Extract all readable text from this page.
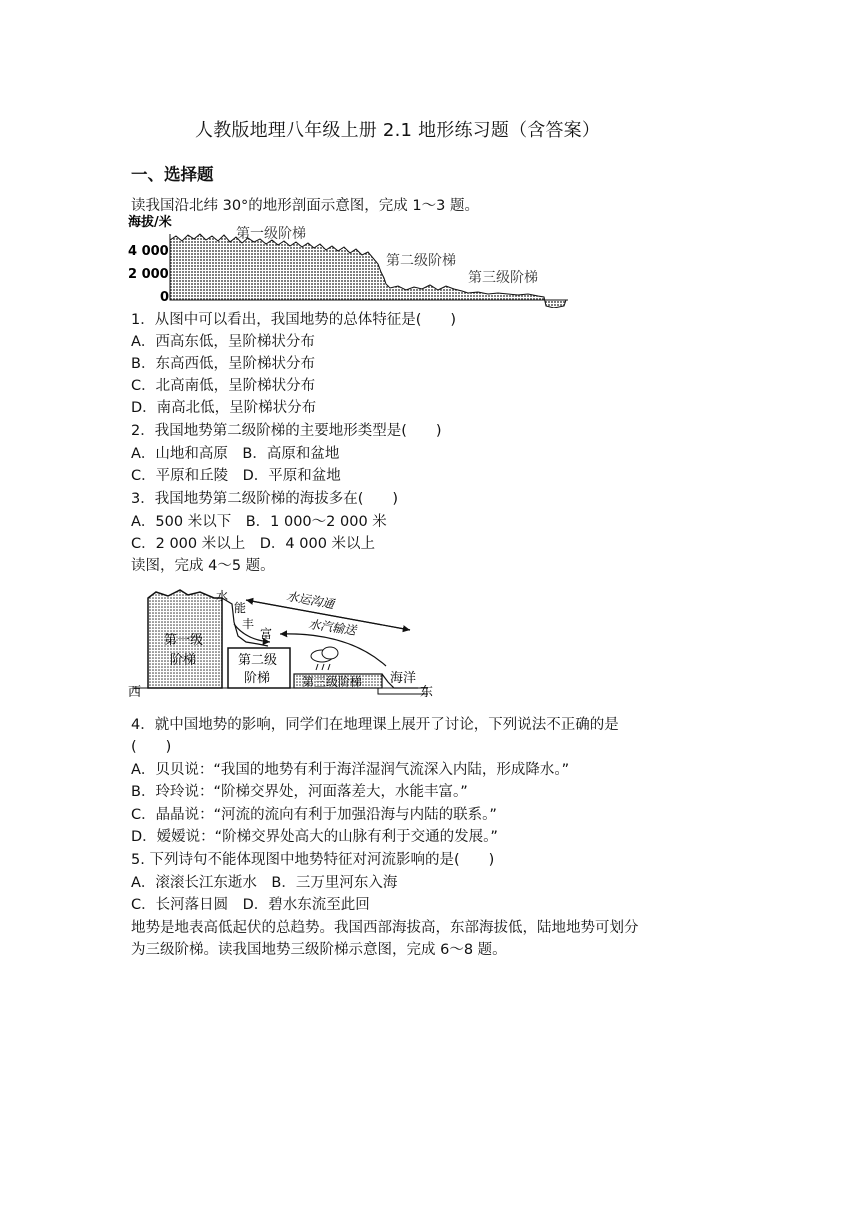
人教版地理八年级上册 2.1 地形练习题（含答案）
一、选择题
读我国沿北纬 30°的地形剖面示意图，完成 1～3 题。
海拔/米
4 000
2 000
0
第一级阶梯
第二级阶梯
第三级阶梯
1．从图中可以看出，我国地势的总体特征是(　　)
A．西高东低，呈阶梯状分布
B．东高西低，呈阶梯状分布
C．北高南低，呈阶梯状分布
D．南高北低，呈阶梯状分布
2．我国地势第二级阶梯的主要地形类型是(　　)
A．山地和高原　B．高原和盆地
C．平原和丘陵　D．平原和盆地
3．我国地势第二级阶梯的海拔多在(　　)
A．500 米以下　B．1 000～2 000 米
C．2 000 米以上　D．4 000 米以上
读图，完成 4～5 题。
第一级
阶梯	第二级
阶梯	第三级阶梯
西	东
海洋
水
能
丰
富
水运沟通
水汽输送
4．就中国地势的影响，同学们在地理课上展开了讨论，下列说法不正确的是
(　　)
A．贝贝说：“我国的地势有利于海洋湿润气流深入内陆，形成降水。”
B．玲玲说：“阶梯交界处，河面落差大，水能丰富。”
C．晶晶说：“河流的流向有利于加强沿海与内陆的联系。”
D．嫒嫒说：“阶梯交界处高大的山脉有利于交通的发展。”
5. 下列诗句不能体现图中地势特征对河流影响的是(　　)
A．滚滚长江东逝水　B．三万里河东入海
C．长河落日圆　D．碧水东流至此回
地势是地表高低起伏的总趋势。我国西部海拔高，东部海拔低，陆地地势可划分
为三级阶梯。读我国地势三级阶梯示意图，完成 6～8 题。
